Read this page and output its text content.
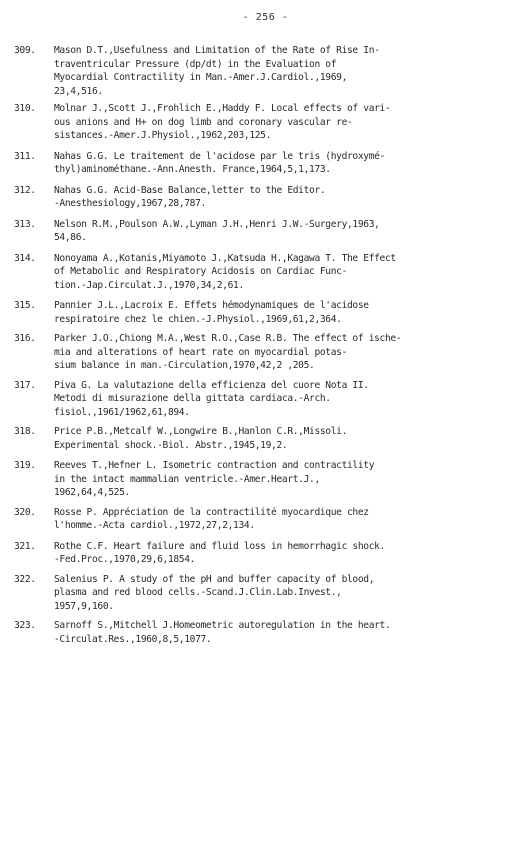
- 256 -
309.	Mason D.T.,Usefulness and Limitation of the Rate of Rise In-
traventricular Pressure (dp/dt) in the Evaluation of
Myocardial Contractility in Man.-Amer.J.Cardiol.,1969,
23,4,516.
310.	Molnar J.,Scott J.,Frohlich E.,Haddy F. Local effects of vari-
ous anions and H+ on dog limb and coronary vascular re-
sistances.-Amer.J.Physiol.,1962,203,125.
311.	Nahas G.G. Le traitement de l'acidose par le tris (hydroxymé-
thyl)aminométhane.-Ann.Anesth. France,1964,5,1,173.
312.	Nahas G.G. Acid-Base Balance,letter to the Editor.
-Anesthesiology,1967,28,787.
313.	Nelson R.M.,Poulson A.W.,Lyman J.H.,Henri J.W.-Surgery,1963,
54,86.
314.	Nonoyama A.,Kotanis,Miyamoto J.,Katsuda H.,Kagawa T. The Effect
of Metabolic and Respiratory Acidosis on Cardiac Func-
tion.-Jap.Circulat.J.,1970,34,2,61.
315.	Pannier J.L.,Lacroix E. Effets hémodynamiques de l'acidose
respiratoire chez le chien.-J.Physiol.,1969,61,2,364.
316.	Parker J.O.,Chiong M.A.,West R.O.,Case R.B. The effect of ische-
mia and alterations of heart rate on myocardial potas-
sium balance in man.-Circulation,1970,42,2 ,205.
317.	Piva G. La valutazione della efficienza del cuore Nota II.
Metodi di misurazione della gittata cardiaca.-Arch.
fisiol.,1961/1962,61,894.
318.	Price P.B.,Metcalf W.,Longwire B.,Hanlon C.R.,Missoli.
Experimental shock.-Biol. Abstr.,1945,19,2.
319.	Reeves T.,Hefner L. Isometric contraction and contractility
in the intact mammalian ventricle.-Amer.Heart.J.,
1962,64,4,525.
320.	Rosse P. Appréciation de la contractilité myocardique chez
l'homme.-Acta cardiol.,1972,27,2,134.
321.	Rothe C.F. Heart failure and fluid loss in hemorrhagic shock.
-Fed.Proc.,1970,29,6,1854.
322.	Salenius P. A study of the pH and buffer capacity of blood,
plasma and red blood cells.-Scand.J.Clin.Lab.Invest.,
1957,9,160.
323.	Sarnoff S.,Mitchell J.Homeometric autoregulation in the heart.
-Circulat.Res.,1960,8,5,1077.
